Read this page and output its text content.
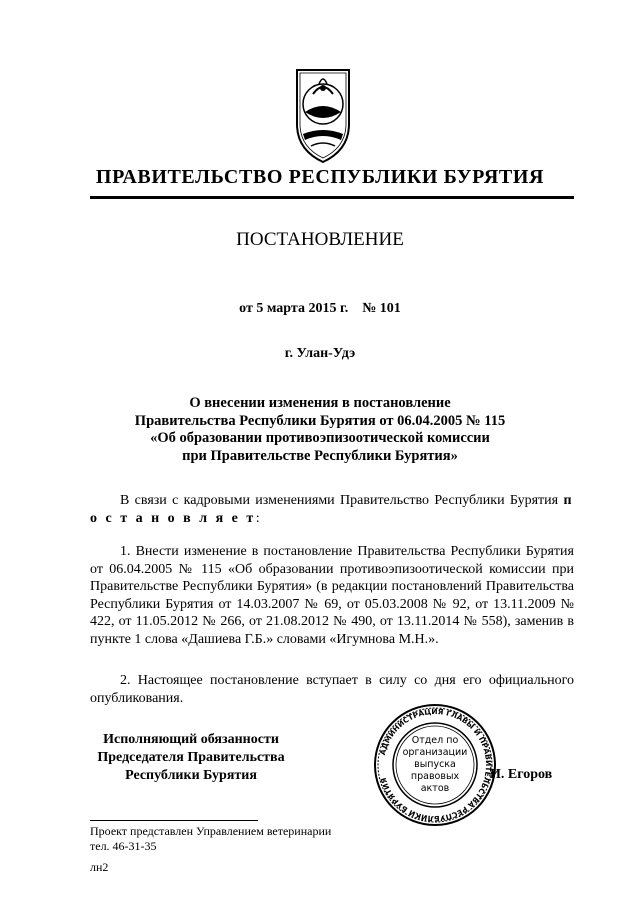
ПРАВИТЕЛЬСТВО РЕСПУБЛИКИ БУРЯТИЯ
ПОСТАНОВЛЕНИЕ
от 5 марта 2015 г. № 101
г. Улан-Удэ
О внесении изменения в постановление
Правительства Республики Бурятия от 06.04.2005 № 115
«Об образовании противоэпизоотической комиссии
при Правительстве Республики Бурятия»
В связи с кадровыми изменениями Правительство Республики Бурятия п о с т а н о в л я е т:
1. Внести изменение в постановление Правительства Республики Бурятия от 06.04.2005 № 115 «Об образовании противоэпизоотической комиссии при Правительстве Республики Бурятия» (в редакции постановлений Правительства Республики Бурятия от 14.03.2007 № 69, от 05.03.2008 № 92, от 13.11.2009 № 422, от 11.05.2012 № 266, от 21.08.2012 № 490, от 13.11.2014 № 558), заменив в пункте 1 слова «Дашиева Г.Б.» словами «Игумнова М.Н.».
2. Настоящее постановление вступает в силу со дня его официального опубликования.
Исполняющий обязанности
Председателя Правительства
Республики Бурятия	И. Егоров
АДМИНИСТРАЦИЯ ГЛАВЫ И ПРАВИТЕЛЬСТВА РЕСПУБЛИКИ БУРЯТИЯ
Отдел по
организации
выпуска
правовых
актов
Проект представлен Управлением ветеринарии
тел. 46-31-35
лн2
